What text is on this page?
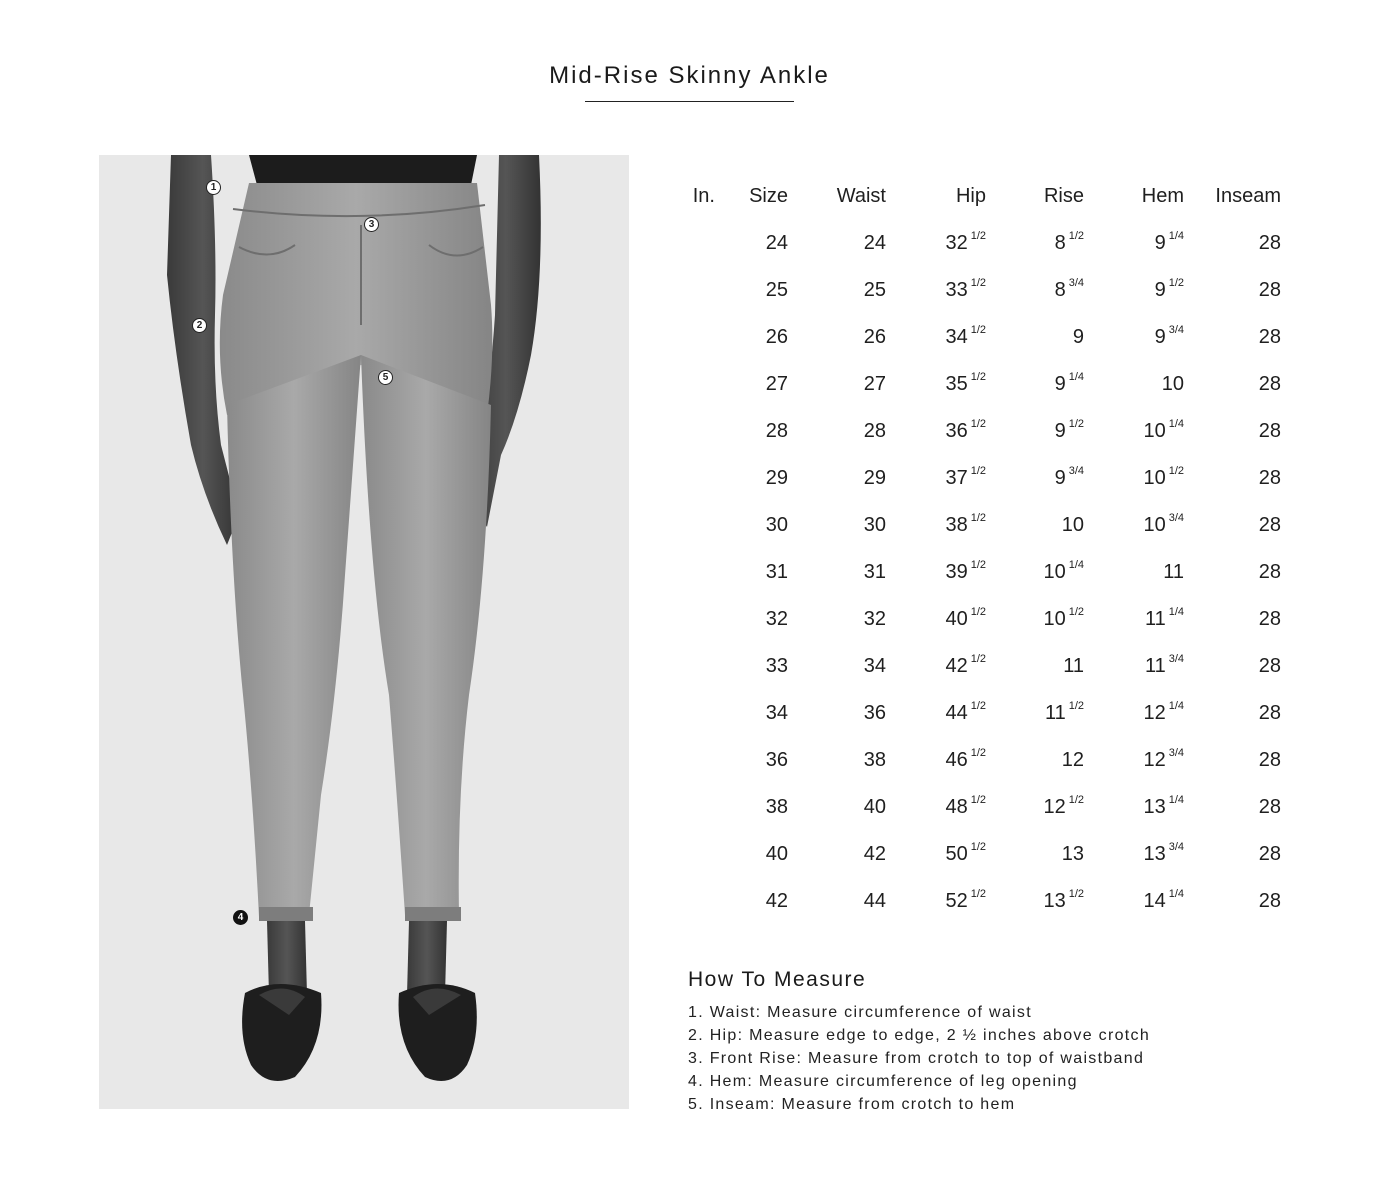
Mid-Rise Skinny Ankle
1
2
3
4
5
In.	Size	Waist	Hip	Rise	Hem	Inseam
	24	24	32 $^{1/2}$	8 $^{1/2}$	9 $^{1/4}$	28
	25	25	33 $^{1/2}$	8 $^{3/4}$	9 $^{1/2}$	28
	26	26	34 $^{1/2}$	9	9 $^{3/4}$	28
	27	27	35 $^{1/2}$	9 $^{1/4}$	10	28
	28	28	36 $^{1/2}$	9 $^{1/2}$	10 $^{1/4}$	28
	29	29	37 $^{1/2}$	9 $^{3/4}$	10 $^{1/2}$	28
	30	30	38 $^{1/2}$	10	10 $^{3/4}$	28
	31	31	39 $^{1/2}$	10 $^{1/4}$	11	28
	32	32	40 $^{1/2}$	10 $^{1/2}$	11 $^{1/4}$	28
	33	34	42 $^{1/2}$	11	11 $^{3/4}$	28
	34	36	44 $^{1/2}$	11 $^{1/2}$	12 $^{1/4}$	28
	36	38	46 $^{1/2}$	12	12 $^{3/4}$	28
	38	40	48 $^{1/2}$	12 $^{1/2}$	13 $^{1/4}$	28
	40	42	50 $^{1/2}$	13	13 $^{3/4}$	28
	42	44	52 $^{1/2}$	13 $^{1/2}$	14 $^{1/4}$	28
How To Measure
1. Waist: Measure circumference of waist
2. Hip: Measure edge to edge, 2 ½ inches above crotch
3. Front Rise: Measure from crotch to top of waistband
4. Hem: Measure circumference of leg opening
5. Inseam: Measure from crotch to hem
